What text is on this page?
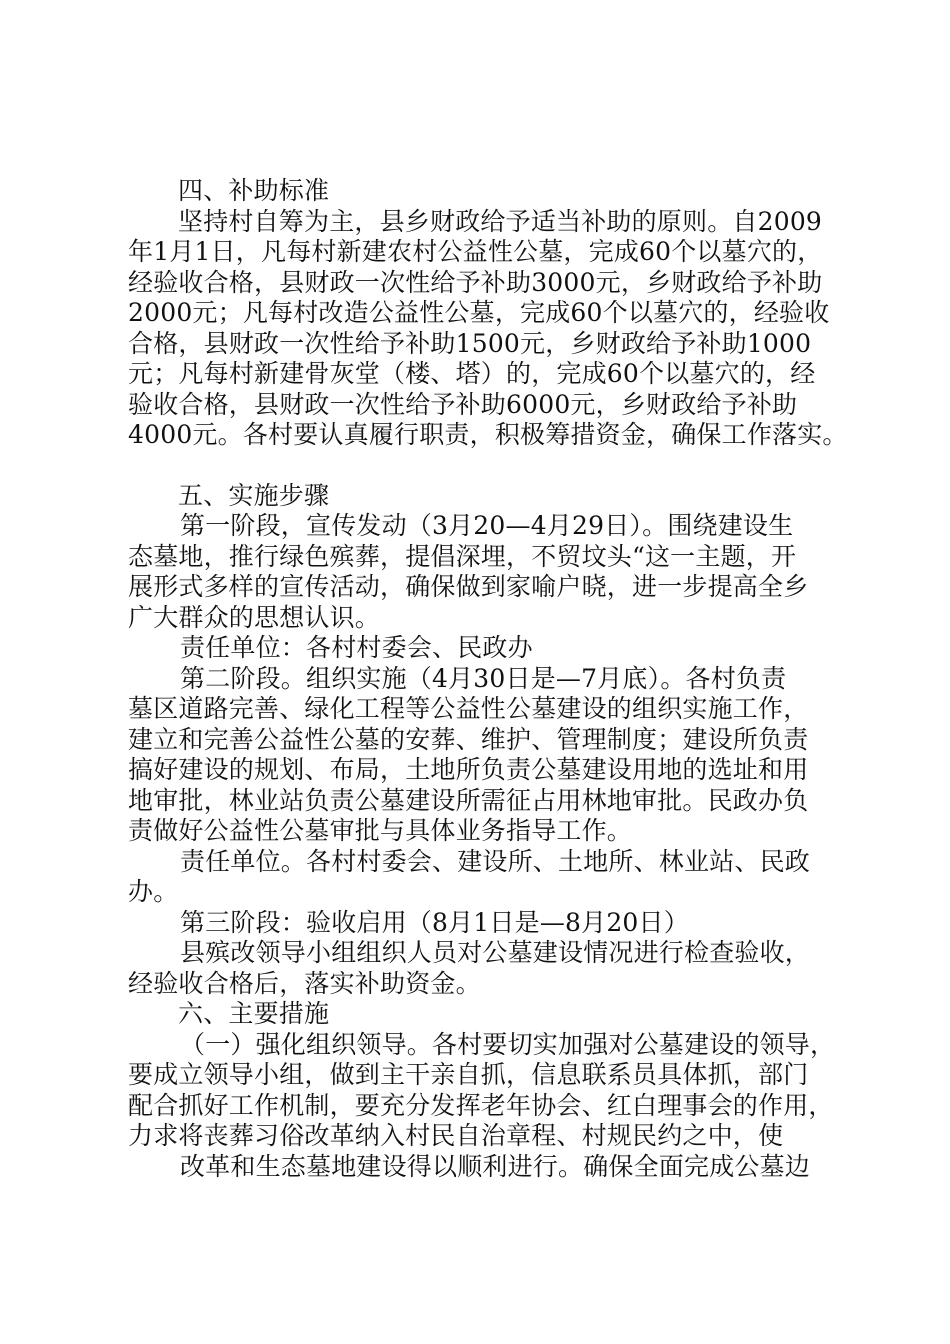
四、补助标准
坚持村自筹为主，县乡财政给予适当补助的原则。自2009
年1月1日，凡每村新建农村公益性公墓，完成60个以墓穴的，
经验收合格，县财政一次性给予补助3000元，乡财政给予补助
2000元；凡每村改造公益性公墓，完成60个以墓穴的，经验收
合格，县财政一次性给予补助1500元，乡财政给予补助1000
元；凡每村新建骨灰堂（楼、塔）的，完成60个以墓穴的，经
验收合格，县财政一次性给予补助6000元，乡财政给予补助
4000元。各村要认真履行职责，积极筹措资金，确保工作落实。
五、实施步骤
第一阶段，宣传发动（3月20—4月29日）。围绕建设生
态墓地，推行绿色殡葬，提倡深埋，不贸坟头“这一主题，开
展形式多样的宣传活动，确保做到家喻户晓，进一步提高全乡
广大群众的思想认识。
责任单位：各村村委会、民政办
第二阶段。组织实施（4月30日是—7月底）。各村负责
墓区道路完善、绿化工程等公益性公墓建设的组织实施工作，
建立和完善公益性公墓的安葬、维护、管理制度；建设所负责
搞好建设的规划、布局，土地所负责公墓建设用地的选址和用
地审批，林业站负责公墓建设所需征占用林地审批。民政办负
责做好公益性公墓审批与具体业务指导工作。
责任单位。各村村委会、建设所、土地所、林业站、民政
办。
第三阶段：验收启用（8月1日是—8月20日）
县殡改领导小组组织人员对公墓建设情况进行检查验收，
经验收合格后，落实补助资金。
六、主要措施
（一）强化组织领导。各村要切实加强对公墓建设的领导，
要成立领导小组，做到主干亲自抓，信息联系员具体抓，部门
配合抓好工作机制，要充分发挥老年协会、红白理事会的作用，
力求将丧葬习俗改革纳入村民自治章程、村规民约之中，使
改革和生态墓地建设得以顺利进行。确保全面完成公墓边
